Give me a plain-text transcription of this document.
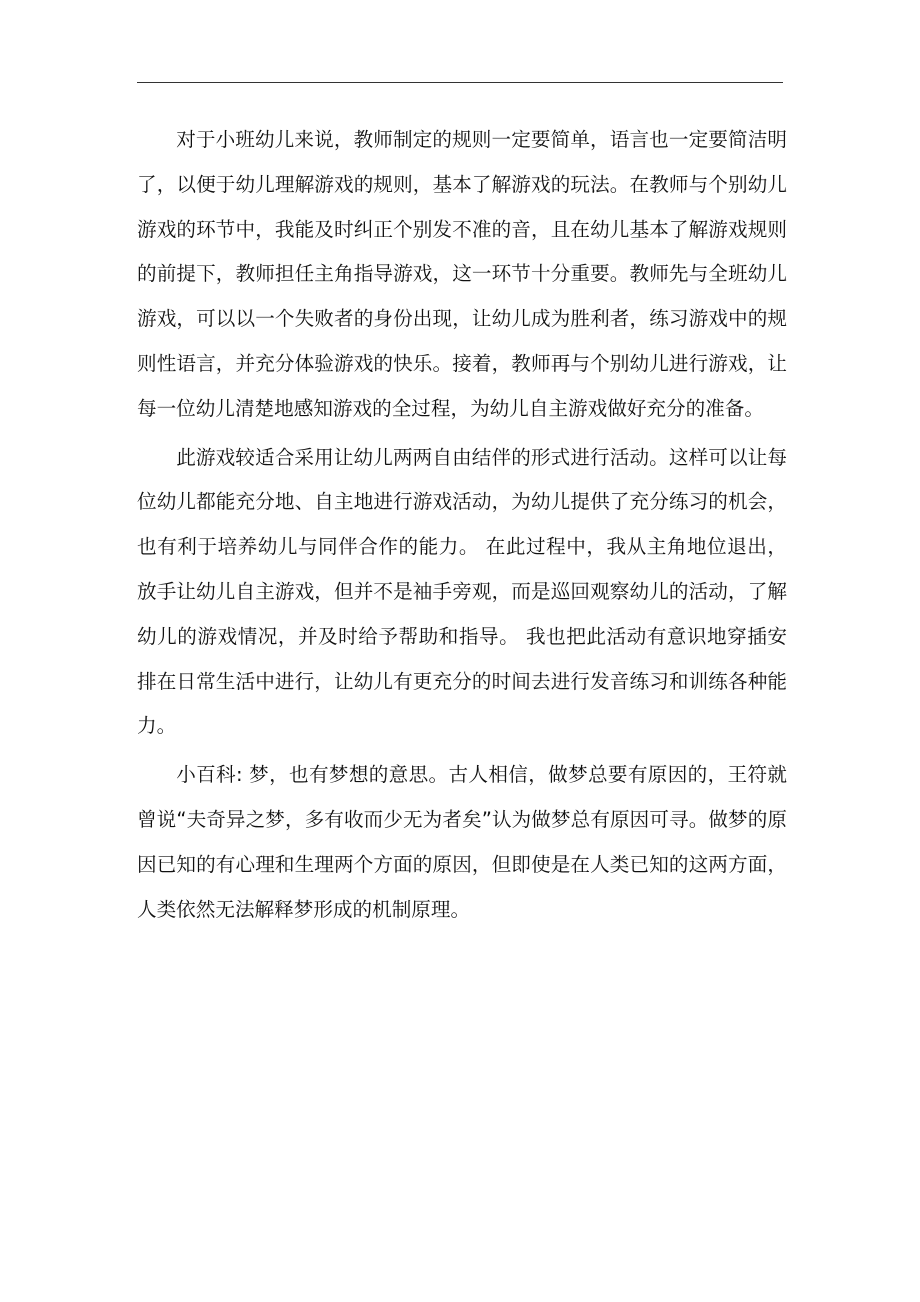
对于小班幼儿来说，教师制定的规则一定要简单，语言也一定要简洁明了，以便于幼儿理解游戏的规则，基本了解游戏的玩法。在教师与个别幼儿游戏的环节中，我能及时纠正个别发不准的音，且在幼儿基本了解游戏规则的前提下，教师担任主角指导游戏，这一环节十分重要。教师先与全班幼儿游戏，可以以一个失败者的身份出现，让幼儿成为胜利者，练习游戏中的规则性语言，并充分体验游戏的快乐。接着，教师再与个别幼儿进行游戏，让每一位幼儿清楚地感知游戏的全过程，为幼儿自主游戏做好充分的准备。

此游戏较适合采用让幼儿两两自由结伴的形式进行活动。这样可以让每位幼儿都能充分地、自主地进行游戏活动，为幼儿提供了充分练习的机会，也有利于培养幼儿与同伴合作的能力。 在此过程中，我从主角地位退出，放手让幼儿自主游戏，但并不是袖手旁观，而是巡回观察幼儿的活动，了解幼儿的游戏情况，并及时给予帮助和指导。 我也把此活动有意识地穿插安排在日常生活中进行，让幼儿有更充分的时间去进行发音练习和训练各种能力。

小百科: 梦，也有梦想的意思。古人相信，做梦总要有原因的，王符就曾说“夫奇异之梦，多有收而少无为者矣”认为做梦总有原因可寻。做梦的原因已知的有心理和生理两个方面的原因，但即使是在人类已知的这两方面，人类依然无法解释梦形成的机制原理。
